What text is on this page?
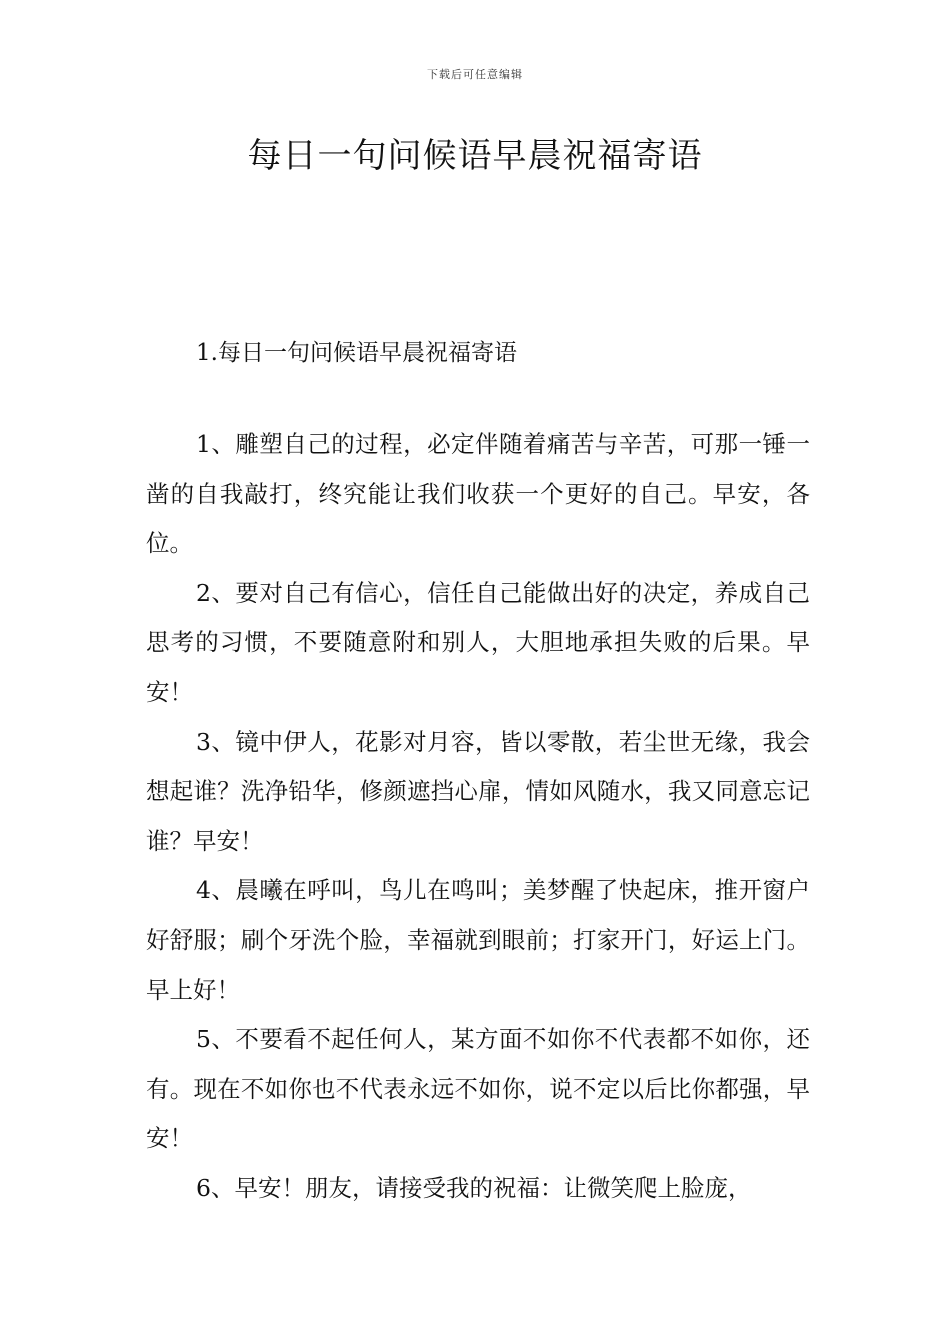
下载后可任意编辑
每日一句问候语早晨祝福寄语
1.每日一句问候语早晨祝福寄语

1、雕塑自己的过程，必定伴随着痛苦与辛苦，可那一锤一凿的自我敲打，终究能让我们收获一个更好的自己。早安，各位。

2、要对自己有信心，信任自己能做出好的决定，养成自己思考的习惯，不要随意附和别人，大胆地承担失败的后果。早安！

3、镜中伊人，花影对月容，皆以零散，若尘世无缘，我会想起谁？洗净铅华，修颜遮挡心扉，情如风随水，我又同意忘记谁？早安！

4、晨曦在呼叫，鸟儿在鸣叫；美梦醒了快起床，推开窗户好舒服；刷个牙洗个脸，幸福就到眼前；打家开门，好运上门。早上好！

5、不要看不起任何人，某方面不如你不代表都不如你，还有。现在不如你也不代表永远不如你，说不定以后比你都强，早安！

6、早安！朋友，请接受我的祝福：让微笑爬上脸庞，
